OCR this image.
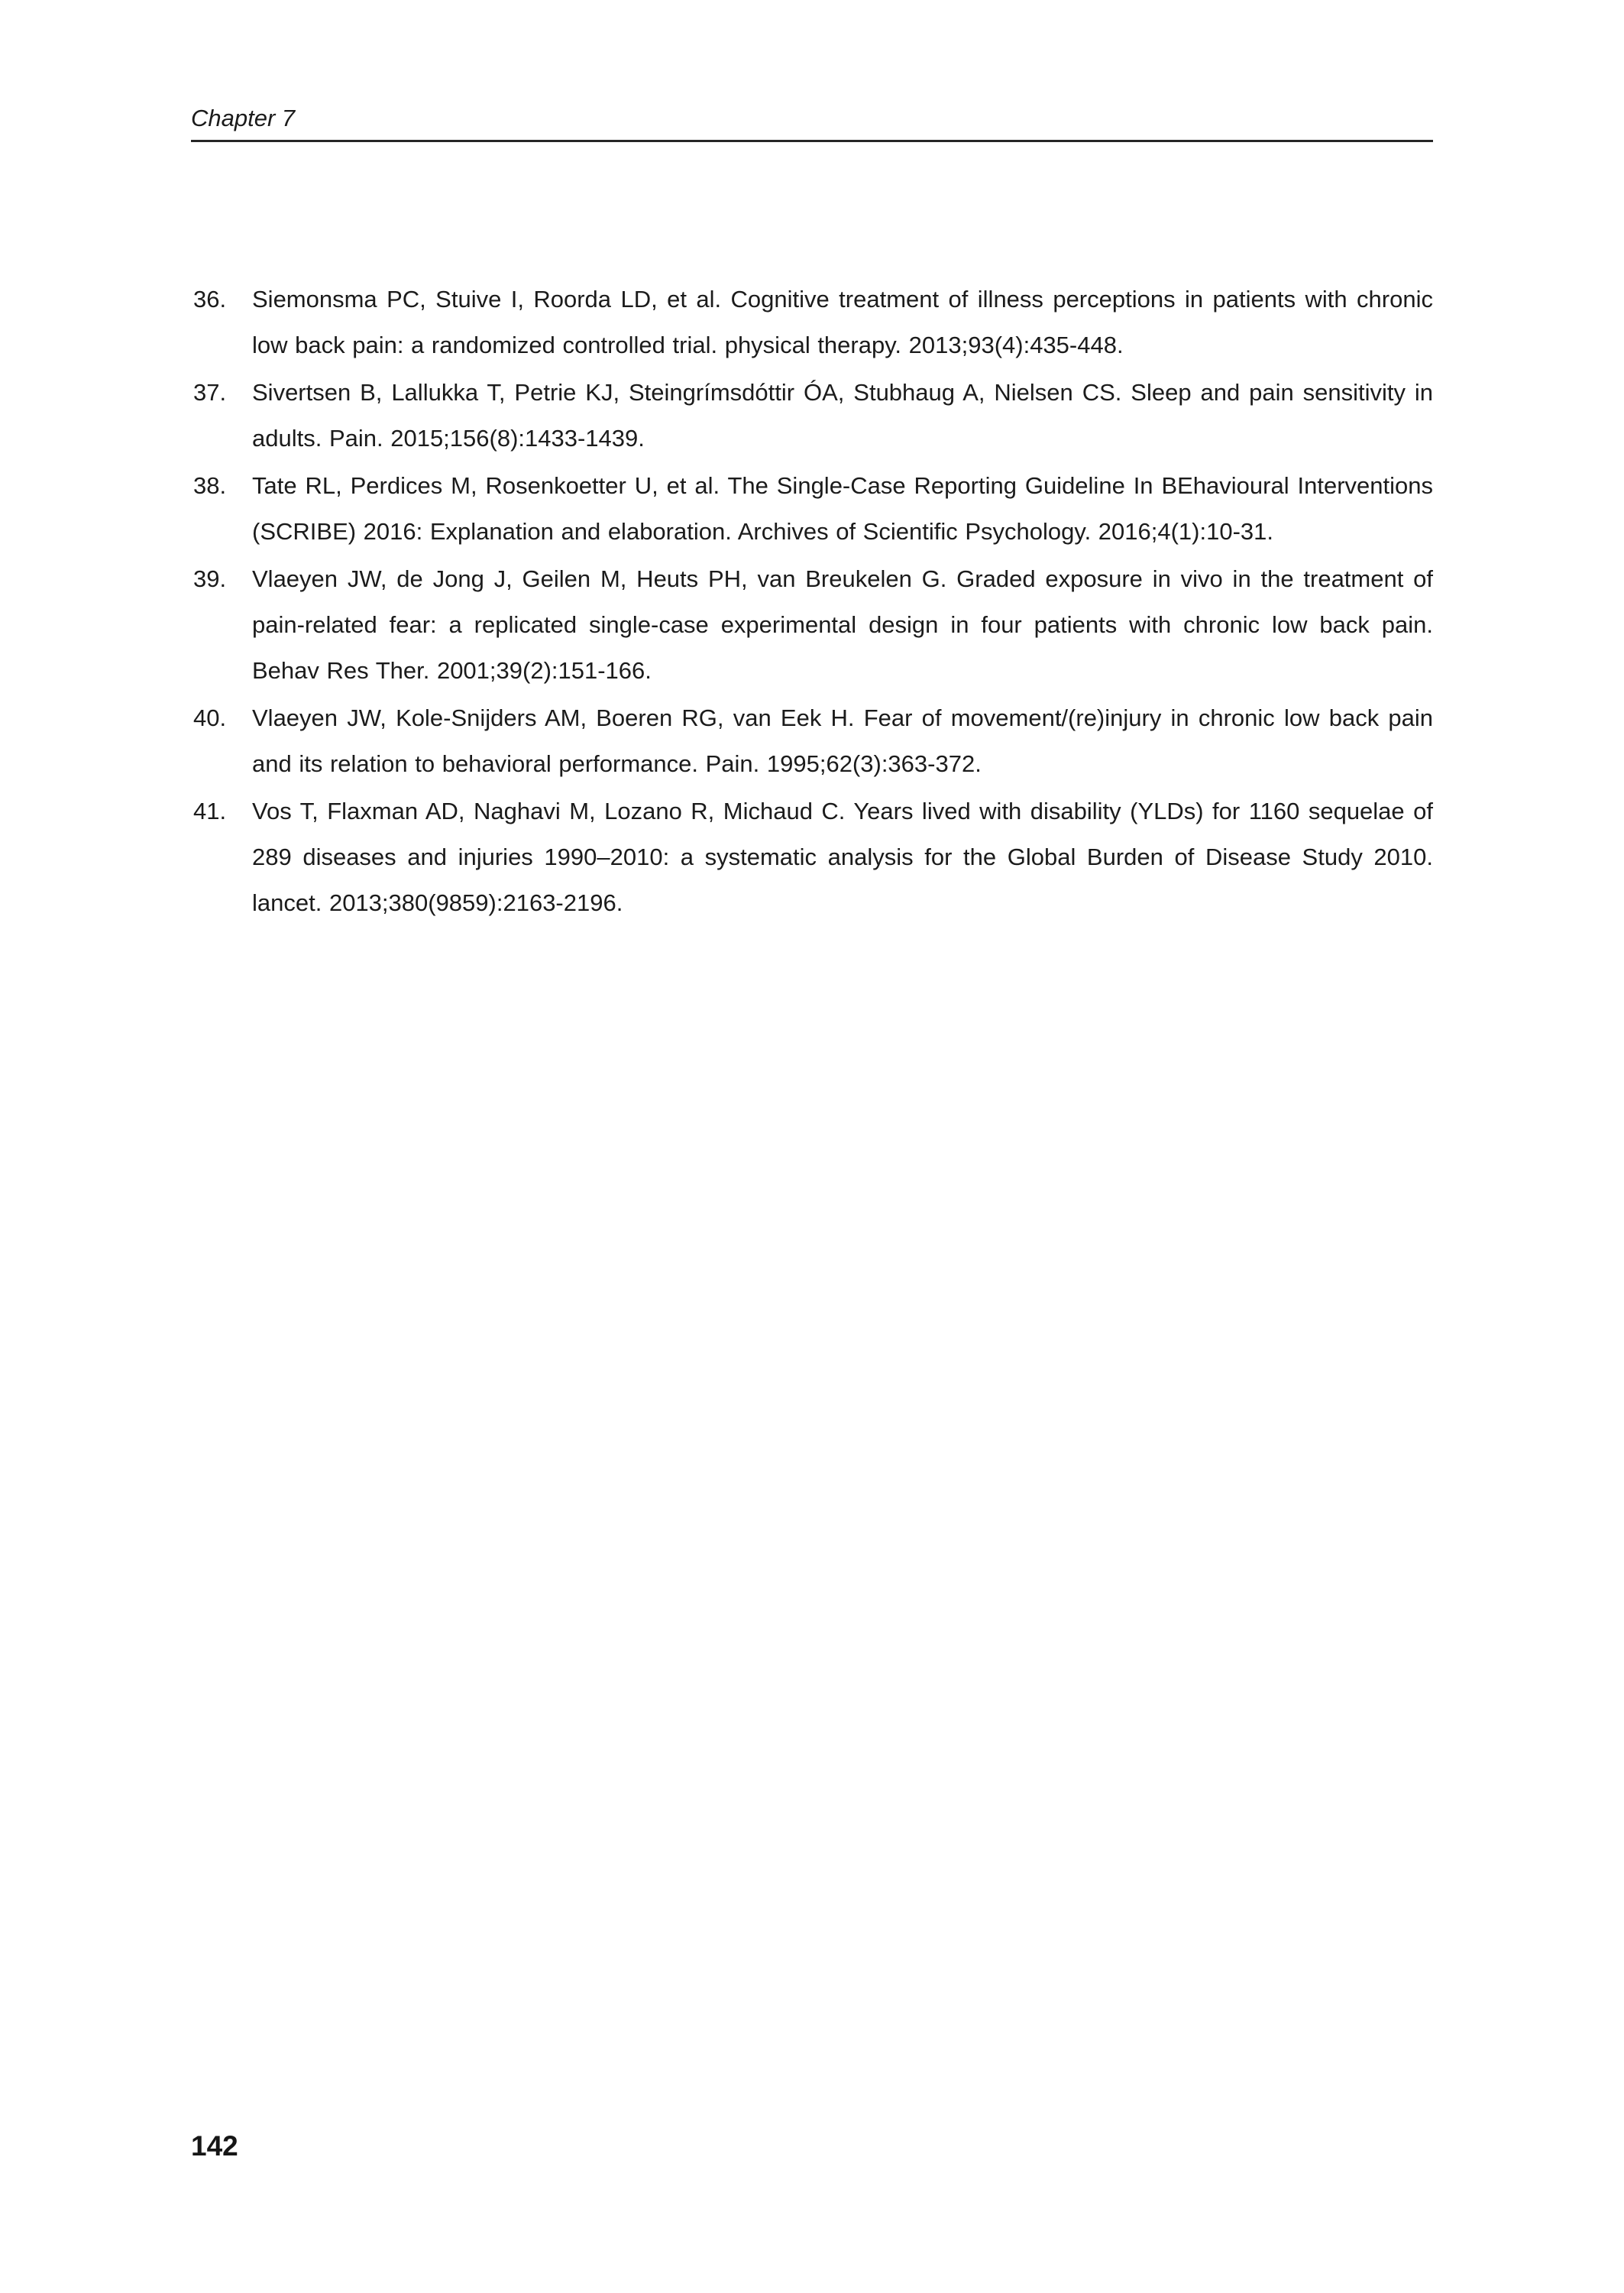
Chapter 7
36. Siemonsma PC, Stuive I, Roorda LD, et al. Cognitive treatment of illness perceptions in patients with chronic low back pain: a randomized controlled trial. physical therapy. 2013;93(4):435-448.

37. Sivertsen B, Lallukka T, Petrie KJ, Steingrímsdóttir ÓA, Stubhaug A, Nielsen CS. Sleep and pain sensitivity in adults. Pain. 2015;156(8):1433-1439.

38. Tate RL, Perdices M, Rosenkoetter U, et al. The Single-Case Reporting Guideline In BEhavioural Interventions (SCRIBE) 2016: Explanation and elaboration. Archives of Scientific Psychology. 2016;4(1):10-31.

39. Vlaeyen JW, de Jong J, Geilen M, Heuts PH, van Breukelen G. Graded exposure in vivo in the treatment of pain-related fear: a replicated single-case experimental design in four patients with chronic low back pain. Behav Res Ther. 2001;39(2):151-166.

40. Vlaeyen JW, Kole-Snijders AM, Boeren RG, van Eek H. Fear of movement/(re)injury in chronic low back pain and its relation to behavioral performance. Pain. 1995;62(3):363-372.

41. Vos T, Flaxman AD, Naghavi M, Lozano R, Michaud C. Years lived with disability (YLDs) for 1160 sequelae of 289 diseases and injuries 1990–2010: a systematic analysis for the Global Burden of Disease Study 2010. lancet. 2013;380(9859):2163-2196.

142
